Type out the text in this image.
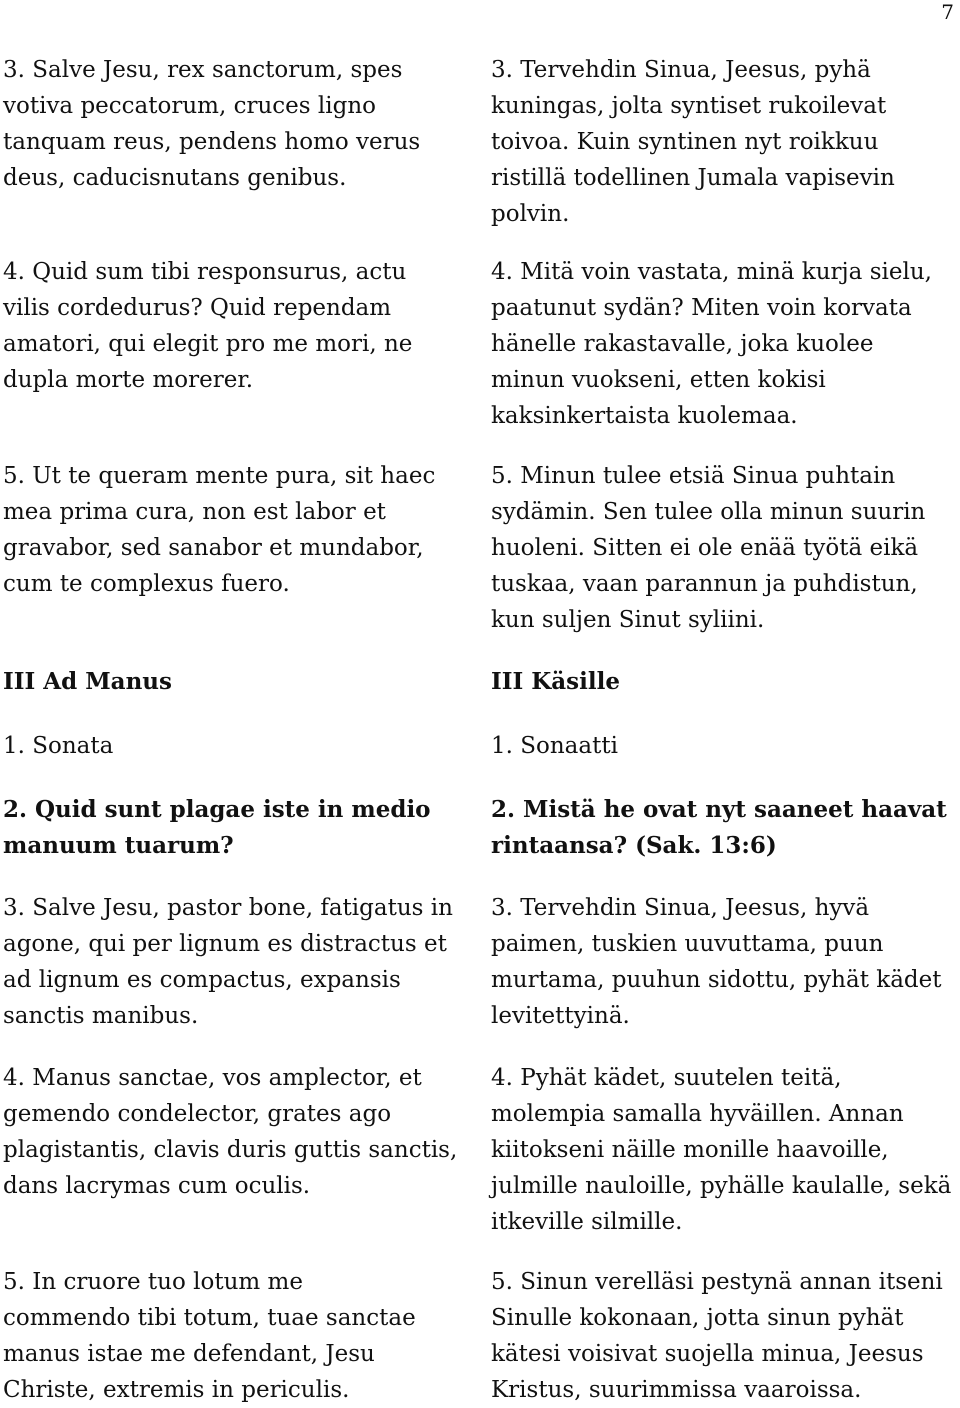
7

3. Salve Jesu, rex sanctorum, spes
votiva peccatorum, cruces ligno
tanquam reus, pendens homo verus
deus, caducisnutans genibus.

4. Quid sum tibi responsurus, actu
vilis cordedurus? Quid rependam
amatori, qui elegit pro me mori, ne
dupla morte morerer.

5. Ut te queram mente pura, sit haec
mea prima cura, non est labor et
gravabor, sed sanabor et mundabor,
cum te complexus fuero.

III Ad Manus

1. Sonata

2. Quid sunt plagae iste in medio
manuum tuarum?

3. Salve Jesu, pastor bone, fatigatus in
agone, qui per lignum es distractus et
ad lignum es compactus, expansis
sanctis manibus.

4. Manus sanctae, vos amplector, et
gemendo condelector, grates ago
plagistantis, clavis duris guttis sanctis,
dans lacrymas cum oculis.

5. In cruore tuo lotum me
commendo tibi totum, tuae sanctae
manus istae me defendant, Jesu
Christe, extremis in periculis.

3. Tervehdin Sinua, Jeesus, pyhä
kuningas, jolta syntiset rukoilevat
toivoa. Kuin syntinen nyt roikkuu
ristillä todellinen Jumala vapisevin
polvin.

4. Mitä voin vastata, minä kurja sielu,
paatunut sydän? Miten voin korvata
hänelle rakastavalle, joka kuolee
minun vuokseni, etten kokisi
kaksinkertaista kuolemaa.

5. Minun tulee etsiä Sinua puhtain
sydämin. Sen tulee olla minun suurin
huoleni. Sitten ei ole enää työtä eikä
tuskaa, vaan parannun ja puhdistun,
kun suljen Sinut syliini.

III Käsille

1. Sonaatti

2. Mistä he ovat nyt saaneet haavat
rintaansa? (Sak. 13:6)

3. Tervehdin Sinua, Jeesus, hyvä
paimen, tuskien uuvuttama, puun
murtama, puuhun sidottu, pyhät kädet
levitettyinä.

4. Pyhät kädet, suutelen teitä,
molempia samalla hyväillen. Annan
kiitokseni näille monille haavoille,
julmille nauloille, pyhälle kaulalle, sekä
itkeville silmille.

5. Sinun verelläsi pestynä annan itseni
Sinulle kokonaan, jotta sinun pyhät
kätesi voisivat suojella minua, Jeesus
Kristus, suurimmissa vaaroissa.
